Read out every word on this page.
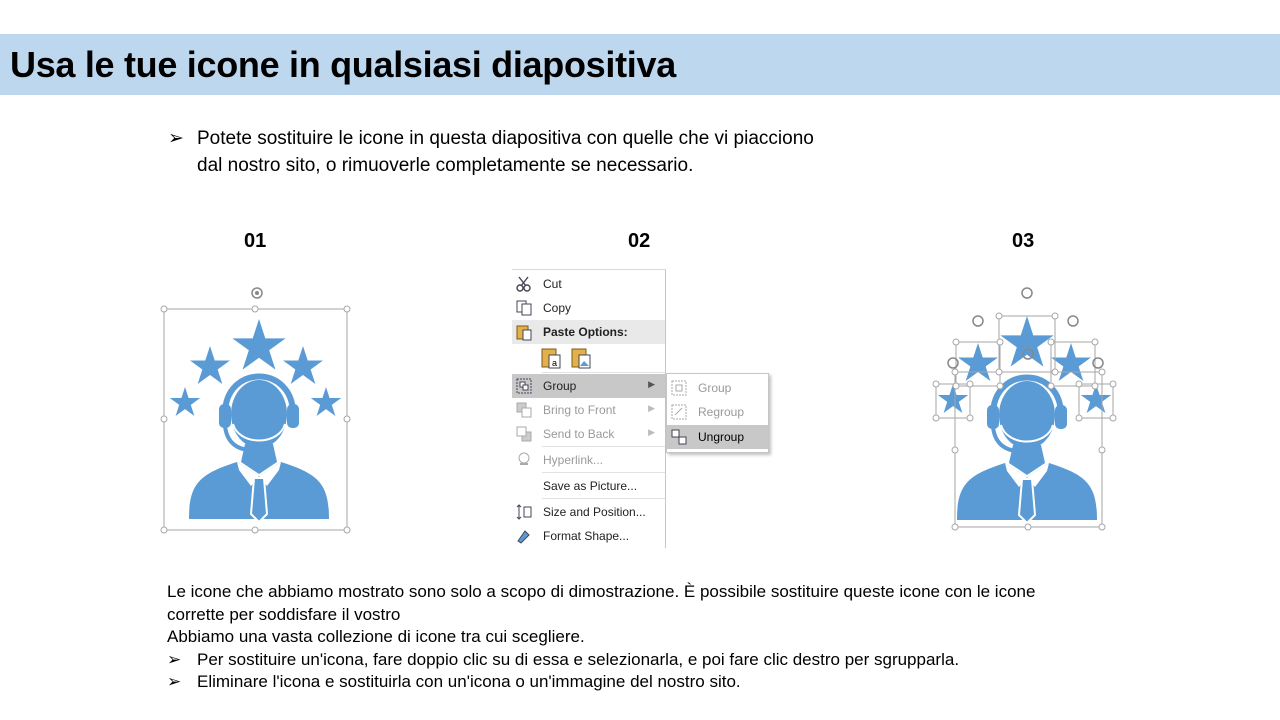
Usa le tue icone in qualsiasi diapositiva
➢ Potete sostituire le icone in questa diapositiva con quelle che vi piacciono
dal nostro sito, o rimuoverle completamente se necessario.
01	02	03
Cut
Copy
Paste Options:
a
Group	▶
Bring to Front	▶
Send to Back	▶
Hyperlink...
Save as Picture...
Size and Position...
Format Shape...
Group
Regroup
Ungroup
Le icone che abbiamo mostrato sono solo a scopo di dimostrazione. È possibile sostituire queste icone con le icone
corrette per soddisfare il vostro
Abbiamo una vasta collezione di icone tra cui scegliere.
➢ Per sostituire un'icona, fare doppio clic su di essa e selezionarla, e poi fare clic destro per sgrupparla.
➢ Eliminare l'icona e sostituirla con un'icona o un'immagine del nostro sito.
